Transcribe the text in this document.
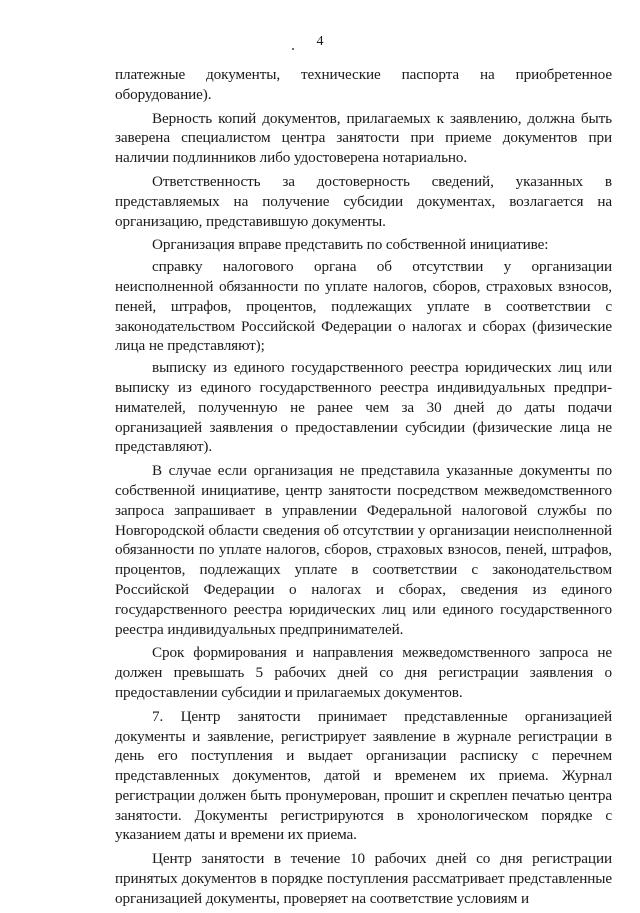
4

платежные документы, технические паспорта на приобретенное оборудование).

Верность копий документов, прилагаемых к заявлению, должна быть заверена специалистом центра занятости при приеме документов при наличии подлинников либо удостоверена нотариально.

Ответственность за достоверность сведений, указанных в представляемых на получение субсидии документах, возлагается на организацию, представившую документы.

Организация вправе представить по собственной инициативе:

справку налогового органа об отсутствии у организации неисполненной обязанности по уплате налогов, сборов, страховых взносов, пеней, штрафов, процентов, подлежащих уплате в соответствии с законодательством Российской Федерации о налогах и сборах (физические лица не представляют);

выписку из единого государственного реестра юридических лиц или выписку из единого государственного реестра индивидуальных предпринимателей, полученную не ранее чем за 30 дней до даты подачи организацией заявления о предоставлении субсидии (физические лица не представляют).

В случае если организация не представила указанные документы по собственной инициативе, центр занятости посредством межведомственного запроса запрашивает в управлении Федеральной налоговой службы по Новгородской области сведения об отсутствии у организации неисполненной обязанности по уплате налогов, сборов, страховых взносов, пеней, штрафов, процентов, подлежащих уплате в соответствии с законодательством Российской Федерации о налогах и сборах, сведения из единого государственного реестра юридических лиц или единого государственного реестра индивидуальных предпринимателей.

Срок формирования и направления межведомственного запроса не должен превышать 5 рабочих дней со дня регистрации заявления о предоставлении субсидии и прилагаемых документов.

7. Центр занятости принимает представленные организацией документы и заявление, регистрирует заявление в журнале регистрации в день его поступления и выдает организации расписку с перечнем представленных документов, датой и временем их приема. Журнал регистрации должен быть пронумерован, прошит и скреплен печатью центра занятости. Документы регистрируются в хронологическом порядке с указанием даты и времени их приема.

Центр занятости в течение 10 рабочих дней со дня регистрации принятых документов в порядке поступления рассматривает представленные организацией документы, проверяет на соответствие условиям и
